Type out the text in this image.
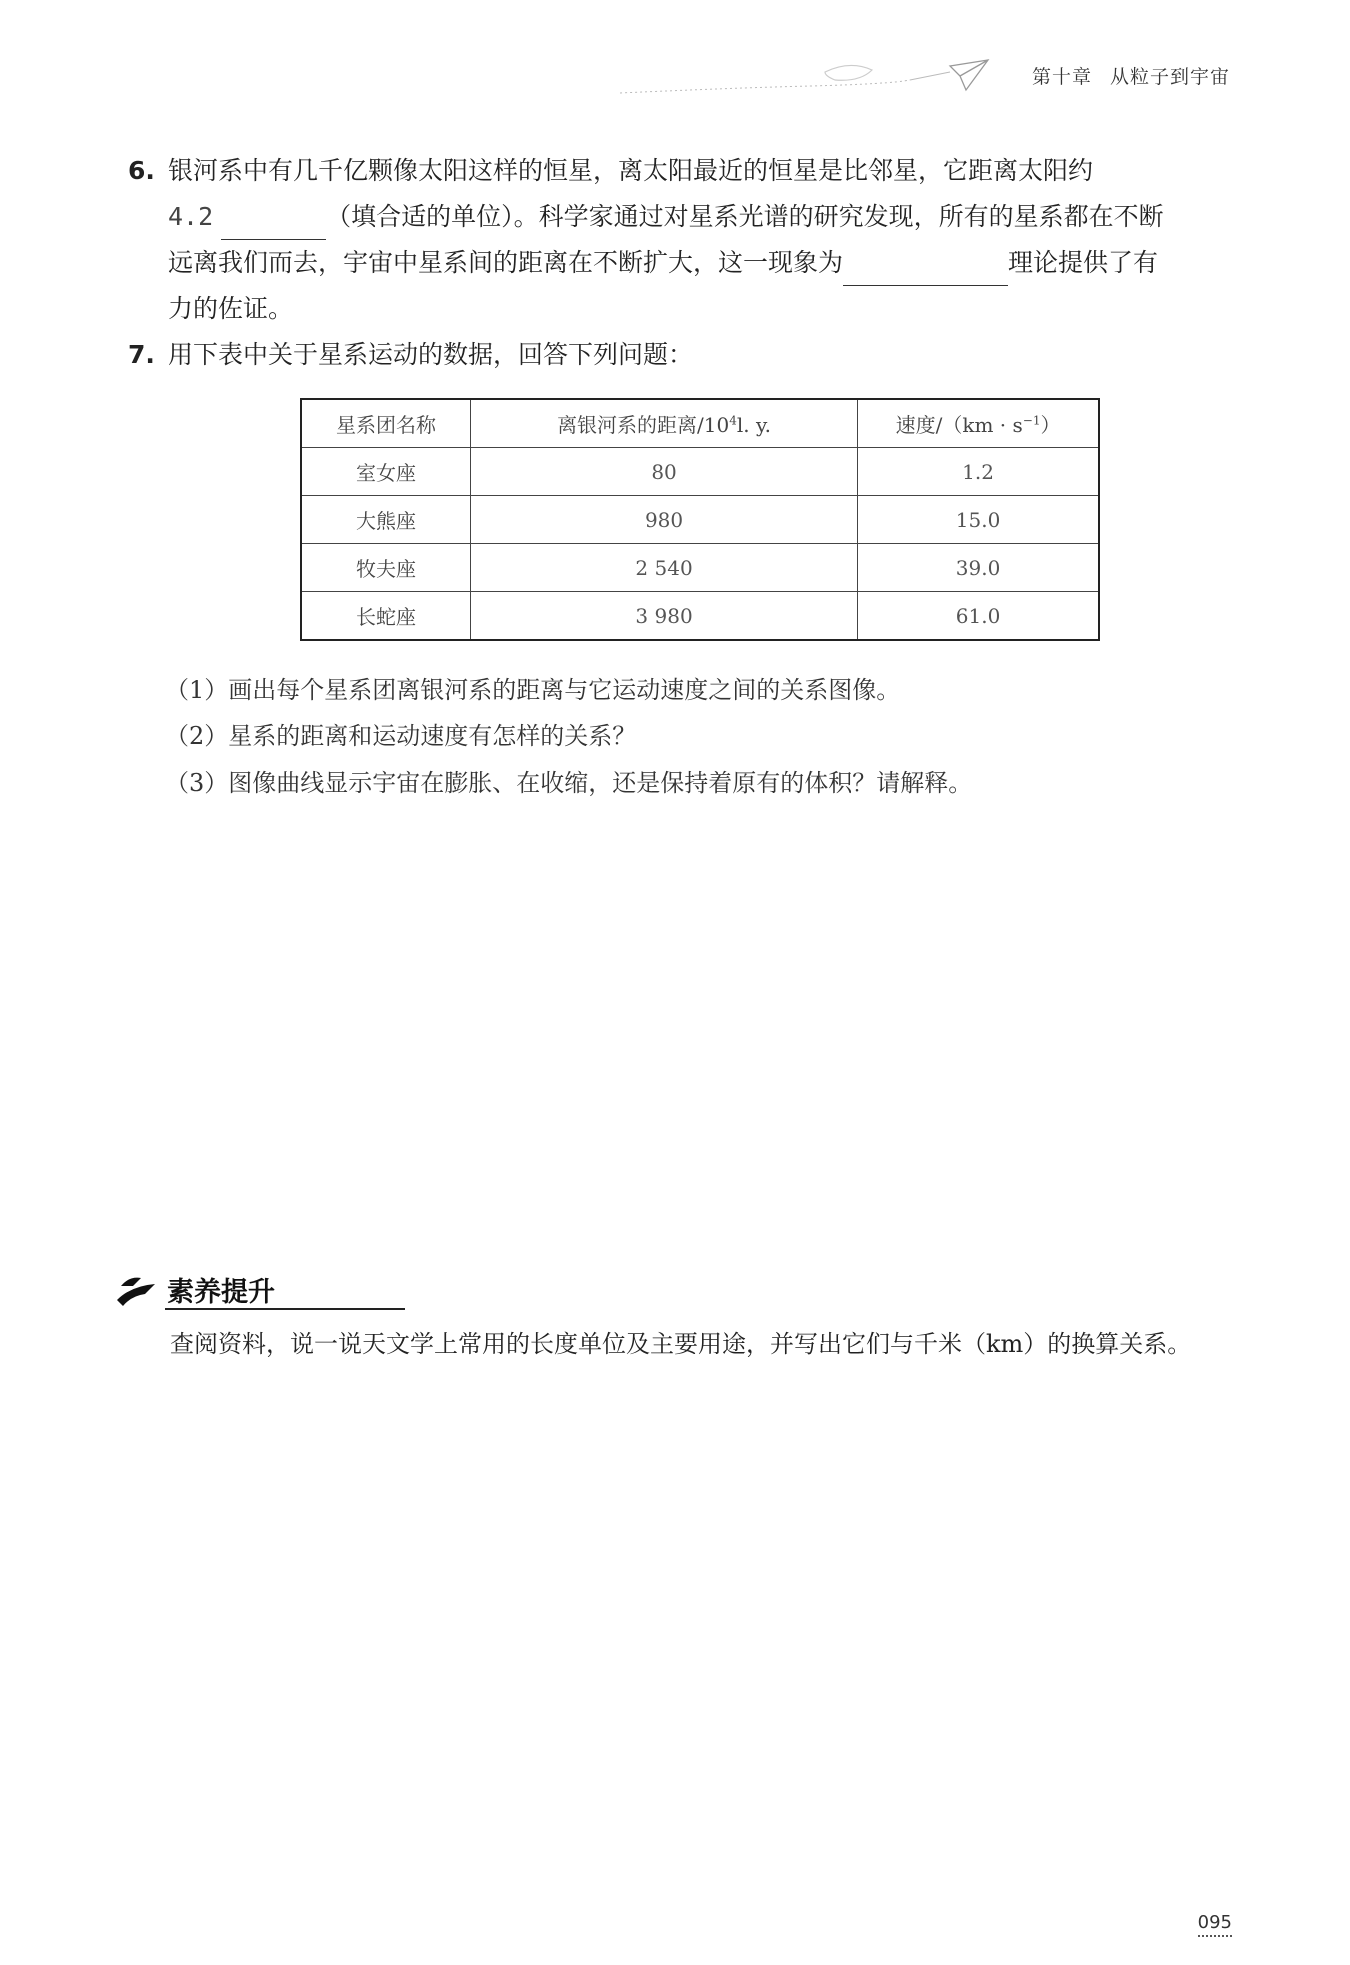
第十章 从粒子到宇宙
6. 银河系中有几千亿颗像太阳这样的恒星，离太阳最近的恒星是比邻星，它距离太阳约
4.2	（填合适的单位）。科学家通过对星系光谱的研究发现，所有的星系都在不断
远离我们而去，宇宙中星系间的距离在不断扩大，这一现象为	理论提供了有
力的佐证。
7. 用下表中关于星系运动的数据，回答下列问题：
星系团名称	离银河系的距离$/10^4l$. y.	速度$/(km \cdot s^{-1})$
室女座	80	1.2
大熊座	980	15.0
牧夫座	2 540	39.0
长蛇座	3 980	61.0
（1）画出每个星系团离银河系的距离与它运动速度之间的关系图像。
（2）星系的距离和运动速度有怎样的关系？
（3）图像曲线显示宇宙在膨胀、在收缩，还是保持着原有的体积？请解释。
素养提升
查阅资料，说一说天文学上常用的长度单位及主要用途，并写出它们与千米（km）的换算关系。
095
